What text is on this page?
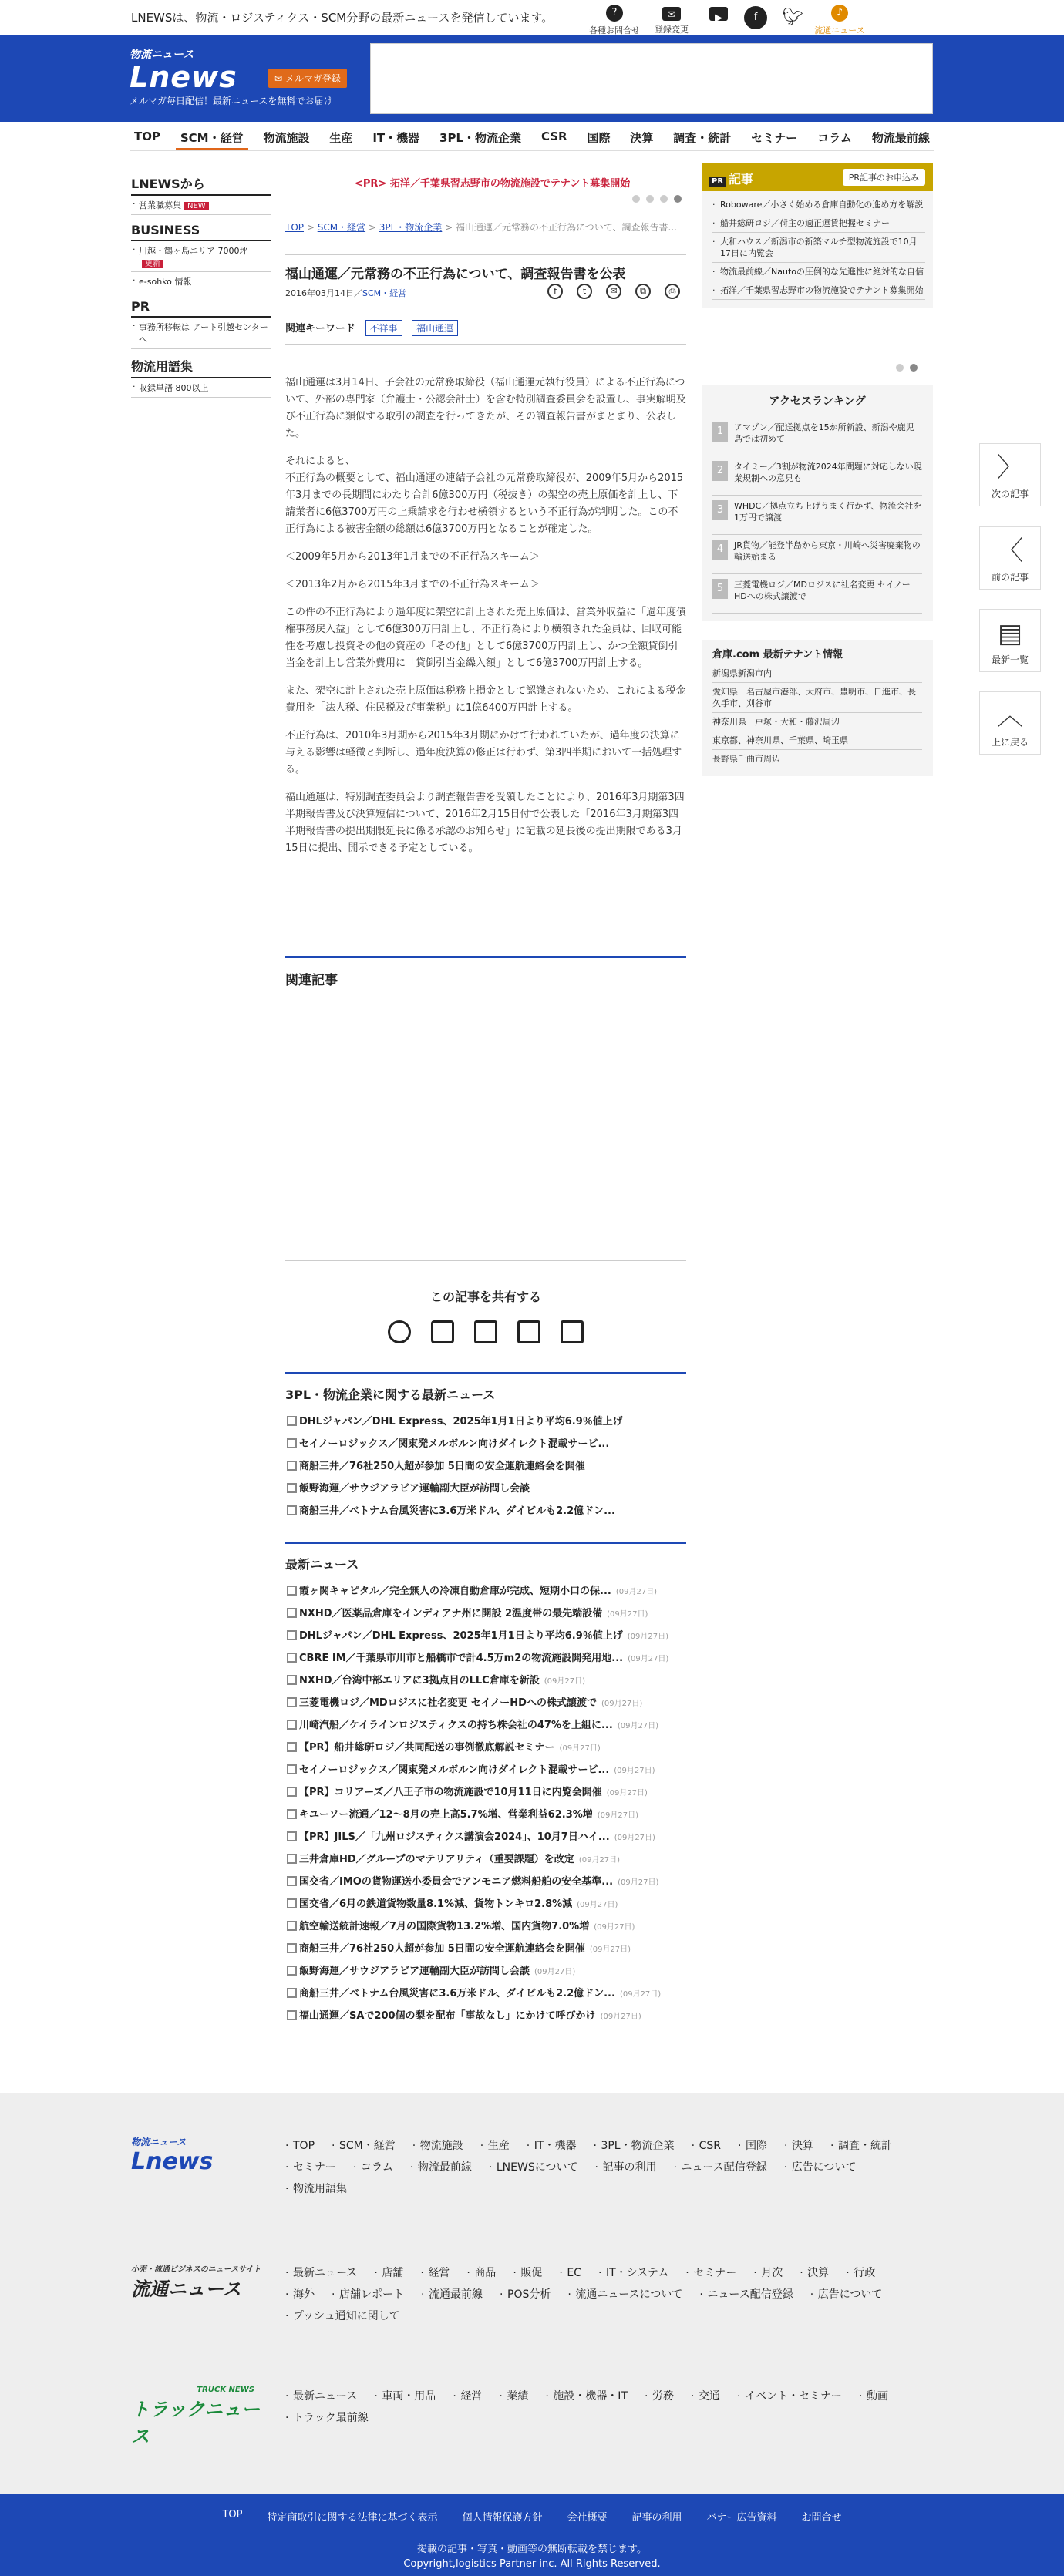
LNEWSは、物流・ロジスティクス・SCM分野の最新ニュースを発信しています。	?
各種お問合せ
✉
登録変更
▶	f	🐦︎	♪
流通ニュース
物流ニュース
Lnews
メルマガ毎日配信！最新ニュースを無料でお届け
✉ メルマガ登録
TOP	SCM・経営	物流施設	生産	IT・機器	3PL・物流企業	CSR	国際	決算	調査・統計	セミナー	コラム	物流最前線
LNEWSから
· 営業職募集 NEW
BUSINESS
· 川越・鶴ヶ島エリア 7000坪
更新
· e-sohko 情報
PR
· 事務所移転は アート引越センターへ
物流用語集
· 収録単語 800以上
<PR> 拓洋／千葉県習志野市の物流施設でテナント募集開始
TOP > SCM・経営 > 3PL・物流企業 > 福山通運／元常務の不正行為について、調査報告書...
福山通運／元常務の不正行為について、調査報告書を公表
2016年03月14日／SCM・経営	f	t	✉	⧉	⎙
関連キーワード 不祥事 福山通運

福山通運は3月14日、子会社の元常務取締役（福山通運元執行役員）による不正行為について、外部の専門家（弁護士・公認会計士）を含む特別調査委員会を設置し、事実解明及び不正行為に類似する取引の調査を行ってきたが、その調査報告書がまとまり、公表した。

それによると、
不正行為の概要として、福山通運の連結子会社の元常務取締役が、2009年5月から2015年3月までの長期間にわたり合計6億300万円（税抜き）の架空の売上原価を計上し、下請業者に6億3700万円の上乗請求を行わせ横領するという不正行為が判明した。この不正行為による被害金額の総額は6億3700万円となることが確定した。

＜2009年5月から2013年1月までの不正行為スキーム＞

＜2013年2月から2015年3月までの不正行為スキーム＞

この件の不正行為により過年度に架空に計上された売上原価は、営業外収益に「過年度債権事務戻入益」として6億300万円計上し、不正行為により横領された金員は、回収可能性を考慮し投資その他の資産の「その他」として6億3700万円計上し、かつ全額貸倒引当金を計上し営業外費用に「貸倒引当金繰入額」として6億3700万円計上する。

また、架空に計上された売上原価は税務上損金として認識されないため、これによる税金費用を「法人税、住民税及び事業税」に1億6400万円計上する。

不正行為は、2010年3月期から2015年3月期にかけて行われていたが、過年度の決算に与える影響は軽微と判断し、過年度決算の修正は行わず、第3四半期において一括処理する。

福山通運は、特別調査委員会より調査報告書を受領したことにより、2016年3月期第3四半期報告書及び決算短信について、2016年2月15日付で公表した「2016年3月期第3四半期報告書の提出期限延長に係る承認のお知らせ」に記載の延長後の提出期限である3月15日に提出、開示できる予定としている。

関連記事
この記事を共有する
3PL・物流企業に関する最新ニュース
DHLジャパン／DHL Express、2025年1月1日より平均6.9％値上げ
セイノーロジックス／関東発メルボルン向けダイレクト混載サービ...
商船三井／76社250人超が参加 5日間の安全運航連絡会を開催
飯野海運／サウジアラビア運輸副大臣が訪問し会談
商船三井／ベトナム台風災害に3.6万米ドル、ダイビルも2.2億ドン...
最新ニュース
霞ヶ関キャピタル／完全無人の冷凍自動倉庫が完成、短期小口の保... (09月27日)
NXHD／医薬品倉庫をインディアナ州に開設 2温度帯の最先端設備 (09月27日)
DHLジャパン／DHL Express、2025年1月1日より平均6.9％値上げ (09月27日)
CBRE IM／千葉県市川市と船橋市で計4.5万m2の物流施設開発用地... (09月27日)
NXHD／台湾中部エリアに3拠点目のLLC倉庫を新設 (09月27日)
三菱電機ロジ／MDロジスに社名変更 セイノーHDへの株式譲渡で (09月27日)
川崎汽船／ケイラインロジスティクスの持ち株会社の47%を上組に... (09月27日)
【PR】船井総研ロジ／共同配送の事例徹底解説セミナー (09月27日)
セイノーロジックス／関東発メルボルン向けダイレクト混載サービ... (09月27日)
【PR】コリアーズ／八王子市の物流施設で10月11日に内覧会開催 (09月27日)
キユーソー流通／12～8月の売上高5.7%増、営業利益62.3%増 (09月27日)
【PR】JILS／「九州ロジスティクス講演会2024」、10月7日ハイ... (09月27日)
三井倉庫HD／グループのマテリアリティ（重要課題）を改定 (09月27日)
国交省／IMOの貨物運送小委員会でアンモニア燃料船舶の安全基準... (09月27日)
国交省／6月の鉄道貨物数量8.1%減、貨物トンキロ2.8%減 (09月27日)
航空輸送統計速報／7月の国際貨物13.2%増、国内貨物7.0%増 (09月27日)
商船三井／76社250人超が参加 5日間の安全運航連絡会を開催 (09月27日)
飯野海運／サウジアラビア運輸副大臣が訪問し会談 (09月27日)
商船三井／ベトナム台風災害に3.6万米ドル、ダイビルも2.2億ドン... (09月27日)
福山通運／SAで200個の梨を配布「事故なし」にかけて呼びかけ (09月27日)
PR 記事	PR記事のお申込み
· Roboware／小さく始める倉庫自動化の進め方を解説
· 船井総研ロジ／荷主の適正運賃把握セミナー
· 大和ハウス／新潟市の新築マルチ型物流施設で10月17日に内覧会
· 物流最前線／Nautoの圧倒的な先進性に絶対的な自信
· 拓洋／千葉県習志野市の物流施設でテナント募集開始
アクセスランキング
1	アマゾン／配送拠点を15か所新設、新潟や鹿児島では初めて
2	タイミー／3割が物流2024年問題に対応しない現業規制への意見も
3	WHDC／拠点立ち上げうまく行かず、物流会社を1万円で譲渡
4	JR貨物／能登半島から東京・川崎へ災害廃棄物の輸送始まる
5	三菱電機ロジ／MDロジスに社名変更 セイノーHDへの株式譲渡で
倉庫.com 最新テナント情報
新潟県新潟市内
愛知県　名古屋市港部、大府市、豊明市、日進市、長久手市、刈谷市
神奈川県　戸塚・大和・藤沢周辺
東京都、神奈川県、千葉県、埼玉県
長野県千曲市周辺
〉
次の記事
〈
前の記事
▤
最新一覧
︿
上に戻る
物流ニュース
Lnews
· TOP	· SCM・経営	· 物流施設	· 生産	· IT・機器	· 3PL・物流企業	· CSR	· 国際	· 決算	· 調査・統計
· セミナー	· コラム	· 物流最前線	· LNEWSについて	· 記事の利用	· ニュース配信登録	· 広告について
· 物流用語集
小売・流通ビジネスのニュースサイト
流通ニュース
· 最新ニュース	· 店舗	· 経営	· 商品	· 販促	· EC	· IT・システム	· セミナー	· 月次	· 決算	· 行政
· 海外	· 店舗レポート	· 流通最前線	· POS分析	· 流通ニュースについて	· ニュース配信登録	· 広告について
· プッシュ通知に関して
TRUCK NEWS
トラックニュース
· 最新ニュース	· 車両・用品	· 経営	· 業績	· 施設・機器・IT	· 労務	· 交通	· イベント・セミナー	· 動画
· トラック最前線
TOP 特定商取引に関する法律に基づく表示 個人情報保護方針 会社概要 記事の利用 バナー広告資料 お問合せ
掲載の記事・写真・動画等の無断転載を禁じます。
Copyright,logistics Partner inc. All Rights Reserved.
